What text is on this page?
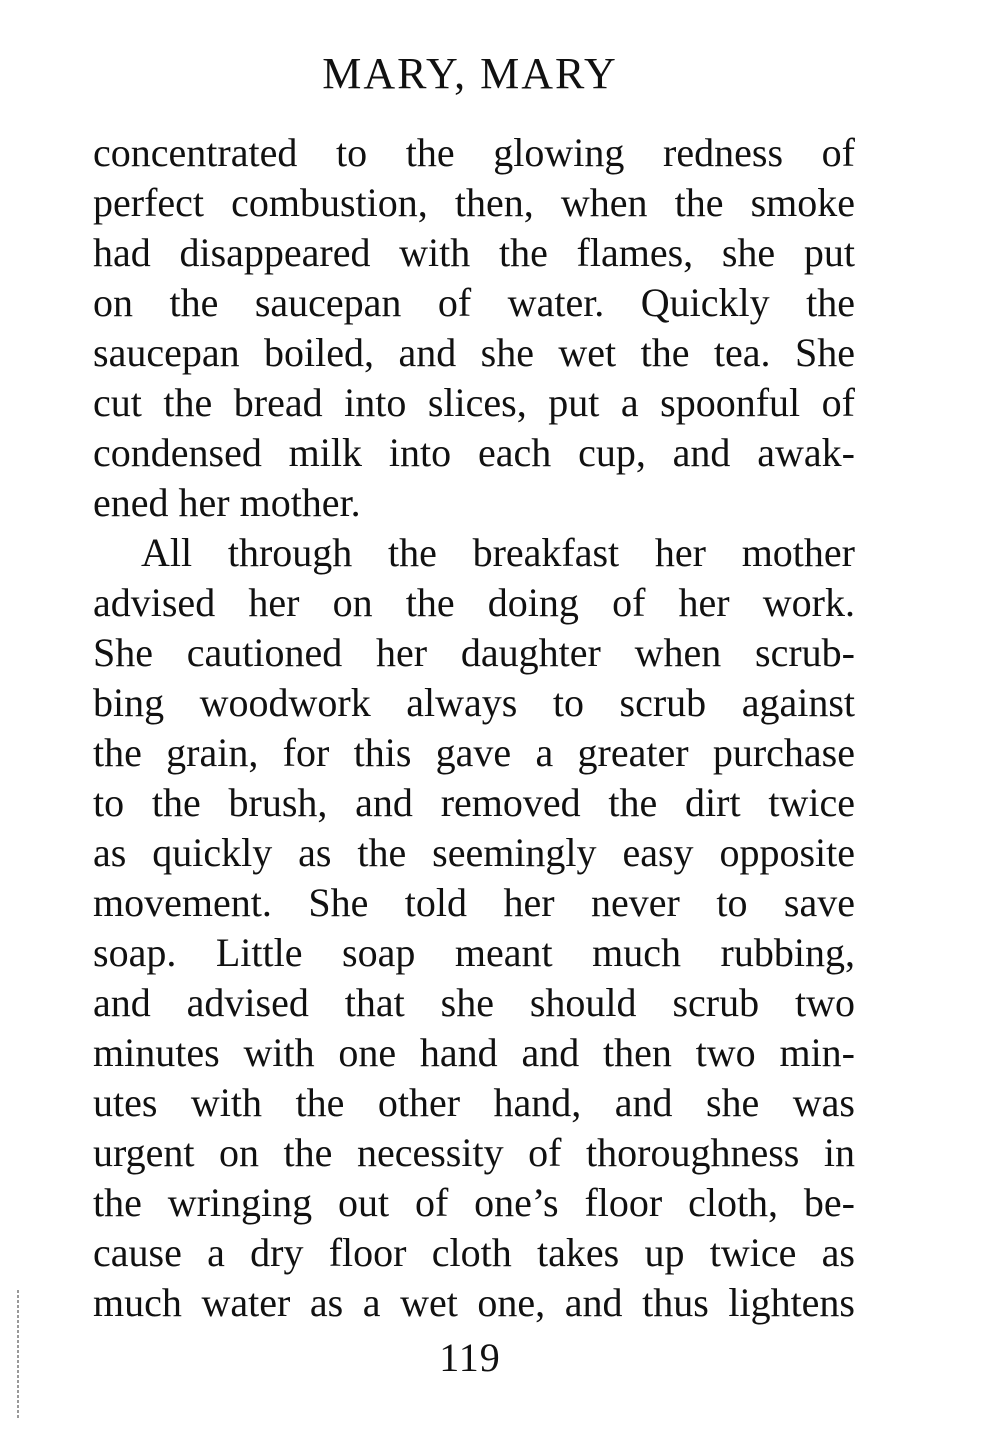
MARY, MARY
concentrated to the glowing redness of
perfect combustion, then, when the smoke
had disappeared with the flames, she put
on the saucepan of water. Quickly the
saucepan boiled, and she wet the tea. She
cut the bread into slices, put a spoonful of
condensed milk into each cup, and awak-
ened her mother.
All through the breakfast her mother
advised her on the doing of her work.
She cautioned her daughter when scrub-
bing woodwork always to scrub against
the grain, for this gave a greater purchase
to the brush, and removed the dirt twice
as quickly as the seemingly easy opposite
movement. She told her never to save
soap. Little soap meant much rubbing,
and advised that she should scrub two
minutes with one hand and then two min-
utes with the other hand, and she was
urgent on the necessity of thoroughness in
the wringing out of one’s floor cloth, be-
cause a dry floor cloth takes up twice as
much water as a wet one, and thus lightens
119
